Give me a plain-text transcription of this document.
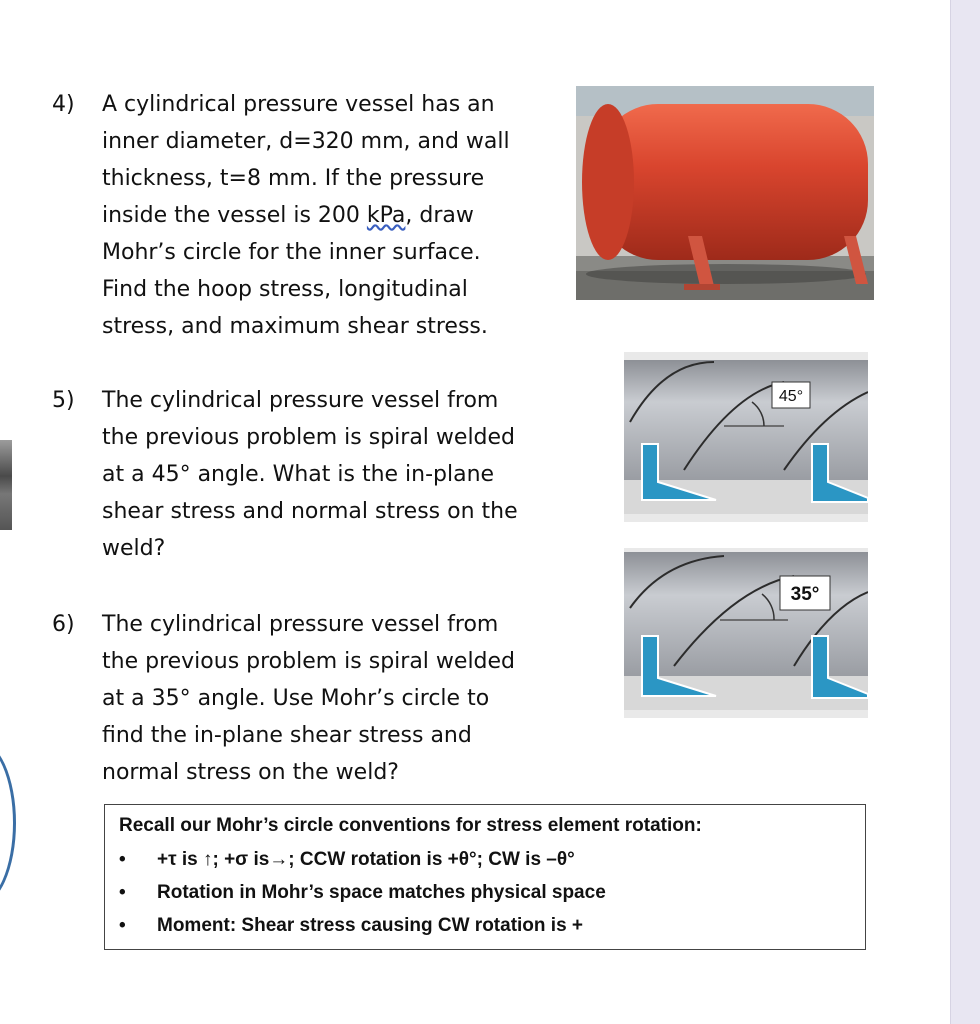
4) A cylindrical pressure vessel has an
inner diameter, d=320 mm, and wall
thickness, t=8 mm. If the pressure
inside the vessel is 200 kPa, draw
Mohr’s circle for the inner surface.
Find the hoop stress, longitudinal
stress, and maximum shear stress.
5) The cylindrical pressure vessel from
the previous problem is spiral welded
at a 45° angle. What is the in-plane
shear stress and normal stress on the
weld?
6) The cylindrical pressure vessel from
the previous problem is spiral welded
at a 35° angle. Use Mohr’s circle to
find the in-plane shear stress and
normal stress on the weld?
45°
35°
Recall our Mohr’s circle conventions for stress element rotation:
• +τ is ↑; +σ is→; CCW rotation is +θ°; CW is –θ°
• Rotation in Mohr’s space matches physical space
• Moment: Shear stress causing CW rotation is +
